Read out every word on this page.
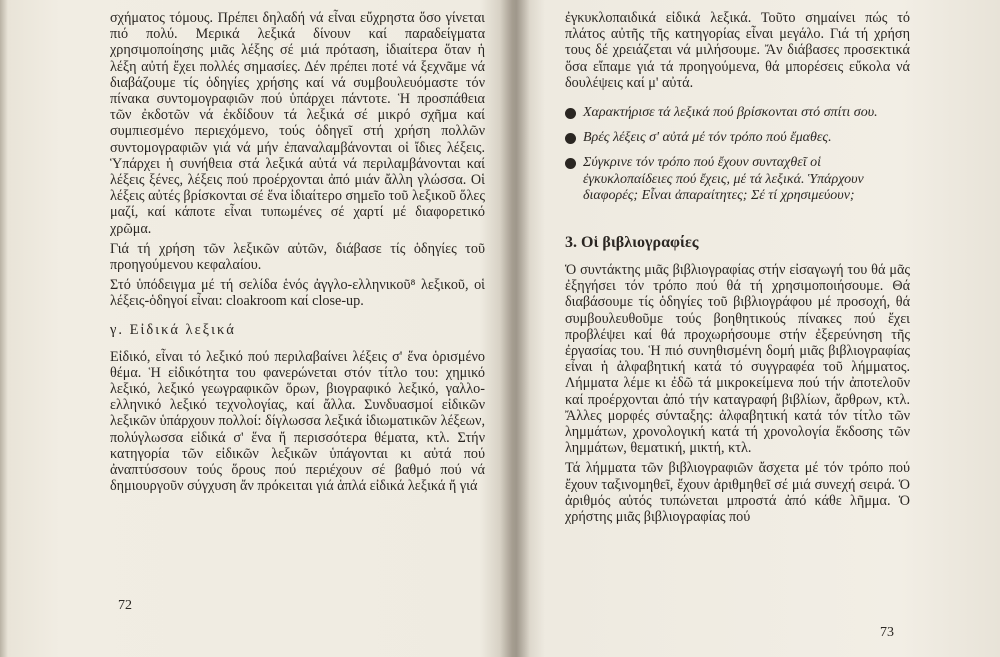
σχήματος τόμους. Πρέπει δηλαδή νά εἶναι εὔχρηστα ὅσο γίνεται πιό πολύ. Μερικά λεξικά δίνουν καί παραδείγματα χρησιμοποίησης μιᾶς λέξης σέ μιά πρόταση, ἰδιαίτερα ὅταν ἡ λέξη αὐτή ἔχει πολλές σημασίες. Δέν πρέπει ποτέ νά ξεχνᾶμε νά διαβάζουμε τίς ὁδηγίες χρήσης καί νά συμβουλευόμαστε τόν πίνακα συντομογραφιῶν πού ὑπάρχει πάντοτε. Ἡ προσπάθεια τῶν ἐκδοτῶν νά ἐκδίδουν τά λεξικά σέ μικρό σχῆμα καί συμπιεσμένο περιεχόμενο, τούς ὁδηγεῖ στή χρήση πολλῶν συντομογραφιῶν γιά νά μήν ἐπαναλαμβάνονται οἱ ἴδιες λέξεις. Ὑπάρχει ἡ συνήθεια στά λεξικά αὐτά νά περιλαμβάνονται καί λέξεις ξένες, λέξεις πού προέρχονται ἀπό μιάν ἄλλη γλώσσα. Οἱ λέξεις αὐτές βρίσκονται σέ ἕνα ἰδιαίτερο σημεῖο τοῦ λεξικοῦ ὅλες μαζί, καί κάποτε εἶναι τυπωμένες σέ χαρτί μέ διαφορετικό χρῶμα.

Γιά τή χρήση τῶν λεξικῶν αὐτῶν, διάβασε τίς ὁδηγίες τοῦ προηγούμενου κεφαλαίου.

Στό ὑπόδειγμα μέ τή σελίδα ἑνός ἀγγλο-ελληνικοῦ⁸ λεξικοῦ, οἱ λέξεις-ὁδηγοί εἶναι: cloakroom καί close-up.

γ. Εἰδικά λεξικά

Εἰδικό, εἶναι τό λεξικό πού περιλαβαίνει λέξεις σ' ἕνα ὁρισμένο θέμα. Ἡ εἰδικότητα του φανερώνεται στόν τίτλο του: χημικό λεξικό, λεξικό γεωγραφικῶν ὅρων, βιογραφικό λεξικό, γαλλο-ελληνικό λεξικό τεχνολογίας, καί ἄλλα. Συνδυασμοί εἰδικῶν λεξικῶν ὑπάρχουν πολλοί: δίγλωσσα λεξικά ἰδιωματικῶν λέξεων, πολύγλωσσα εἰδικά σ' ἕνα ἤ περισσότερα θέματα, κτλ. Στήν κατηγορία τῶν εἰδικῶν λεξικῶν ὑπάγονται κι αὐτά πού ἀναπτύσσουν τούς ὅρους πού περιέχουν σέ βαθμό πού νά δημιουργοῦν σύγχυση ἄν πρόκειται γιά ἁπλά εἰδικά λεξικά ἤ γιά

72

ἐγκυκλοπαιδικά εἰδικά λεξικά. Τοῦτο σημαίνει πώς τό πλάτος αὐτῆς τῆς κατηγορίας εἶναι μεγάλο. Γιά τή χρήση τους δέ χρειάζεται νά μιλήσουμε. Ἄν διάβασες προσεκτικά ὅσα εἴπαμε γιά τά προηγούμενα, θά μπορέσεις εὔκολα νά δουλέψεις καί μ' αὐτά.

Χαρακτήρισε τά λεξικά πού βρίσκονται στό σπίτι σου.
Βρές λέξεις σ' αὐτά μέ τόν τρόπο πού ἔμαθες.
Σύγκρινε τόν τρόπο πού ἔχουν συνταχθεῖ οἱ ἐγκυκλοπαίδειες πού ἔχεις, μέ τά λεξικά. Ὑπάρχουν διαφορές; Εἶναι ἀπαραίτητες; Σέ τί χρησιμεύουν;
3. Οἱ βιβλιογραφίες

Ὁ συντάκτης μιᾶς βιβλιογραφίας στήν εἰσαγωγή του θά μᾶς ἐξηγήσει τόν τρόπο πού θά τή χρησιμοποιήσουμε. Θά διαβάσουμε τίς ὁδηγίες τοῦ βιβλιογράφου μέ προσοχή, θά συμβουλευθοῦμε τούς βοηθητικούς πίνακες πού ἔχει προβλέψει καί θά προχωρήσουμε στήν ἐξερεύνηση τῆς ἐργασίας του. Ἡ πιό συνηθισμένη δομή μιᾶς βιβλιογραφίας εἶναι ἡ ἀλφαβητική κατά τό συγγραφέα τοῦ λήμματος. Λήμματα λέμε κι ἐδῶ τά μικροκείμενα πού τήν ἀποτελοῦν καί προέρχονται ἀπό τήν καταγραφή βιβλίων, ἄρθρων, κτλ. Ἄλλες μορφές σύνταξης: ἀλφαβητική κατά τόν τίτλο τῶν λημμάτων, χρονολογική κατά τή χρονολογία ἔκδοσης τῶν λημμάτων, θεματική, μικτή, κτλ.

Τά λήμματα τῶν βιβλιογραφιῶν ἄσχετα μέ τόν τρόπο πού ἔχουν ταξινομηθεῖ, ἔχουν ἀριθμηθεῖ σέ μιά συνεχή σειρά. Ὁ ἀριθμός αὐτός τυπώνεται μπροστά ἀπό κάθε λῆμμα. Ὁ χρήστης μιᾶς βιβλιογραφίας πού

73
